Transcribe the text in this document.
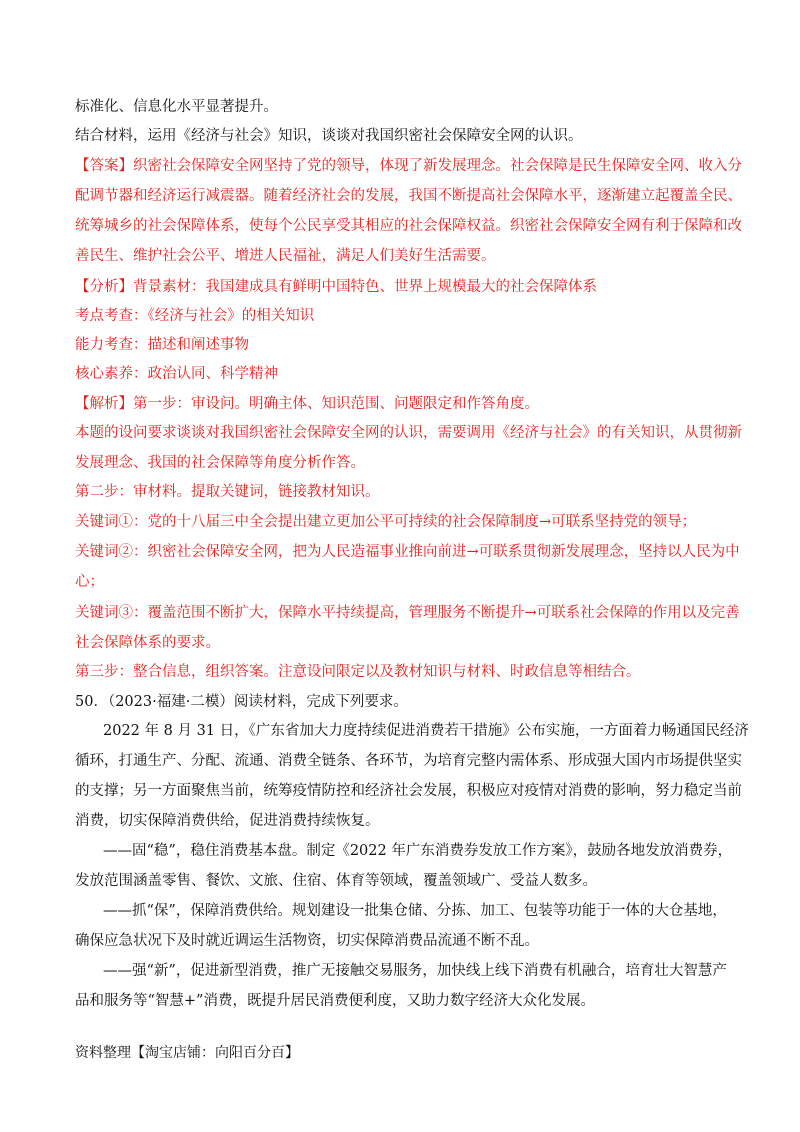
标准化、信息化水平显著提升。
结合材料，运用《经济与社会》知识，谈谈对我国织密社会保障安全网的认识。
【答案】织密社会保障安全网坚持了党的领导，体现了新发展理念。社会保障是民生保障安全网、收入分
配调节器和经济运行减震器。随着经济社会的发展，我国不断提高社会保障水平，逐渐建立起覆盖全民、
统筹城乡的社会保障体系，使每个公民享受其相应的社会保障权益。织密社会保障安全网有利于保障和改
善民生、维护社会公平、增进人民福祉，满足人们美好生活需要。
【分析】背景素材：我国建成具有鲜明中国特色、世界上规模最大的社会保障体系
考点考查：《经济与社会》的相关知识
能力考查：描述和阐述事物
核心素养：政治认同、科学精神
【解析】第一步：审设问。明确主体、知识范围、问题限定和作答角度。
本题的设问要求谈谈对我国织密社会保障安全网的认识，需要调用《经济与社会》的有关知识，从贯彻新
发展理念、我国的社会保障等角度分析作答。
第二步：审材料。提取关键词，链接教材知识。
关键词①：党的十八届三中全会提出建立更加公平可持续的社会保障制度→可联系坚持党的领导；
关键词②：织密社会保障安全网，把为人民造福事业推向前进→可联系贯彻新发展理念，坚持以人民为中
心；
关键词③：覆盖范围不断扩大，保障水平持续提高，管理服务不断提升→可联系社会保障的作用以及完善
社会保障体系的要求。
第三步：整合信息，组织答案。注意设问限定以及教材知识与材料、时政信息等相结合。
50．（2023·福建·二模）阅读材料，完成下列要求。
2022 年 8 月 31 日，《广东省加大力度持续促进消费若干措施》公布实施，一方面着力畅通国民经济
循环，打通生产、分配、流通、消费全链条、各环节，为培育完整内需体系、形成强大国内市场提供坚实
的支撑；另一方面聚焦当前，统筹疫情防控和经济社会发展，积极应对疫情对消费的影响，努力稳定当前
消费，切实保障消费供给，促进消费持续恢复。
——固“稳”，稳住消费基本盘。制定《2022 年广东消费券发放工作方案》，鼓励各地发放消费券，
发放范围涵盖零售、餐饮、文旅、住宿、体育等领域，覆盖领域广、受益人数多。
——抓“保”，保障消费供给。规划建设一批集仓储、分拣、加工、包装等功能于一体的大仓基地，
确保应急状况下及时就近调运生活物资，切实保障消费品流通不断不乱。
——强“新”，促进新型消费，推广无接触交易服务，加快线上线下消费有机融合，培育壮大智慧产
品和服务等“智慧+”消费，既提升居民消费便利度，又助力数字经济大众化发展。
资料整理【淘宝店铺：向阳百分百】
